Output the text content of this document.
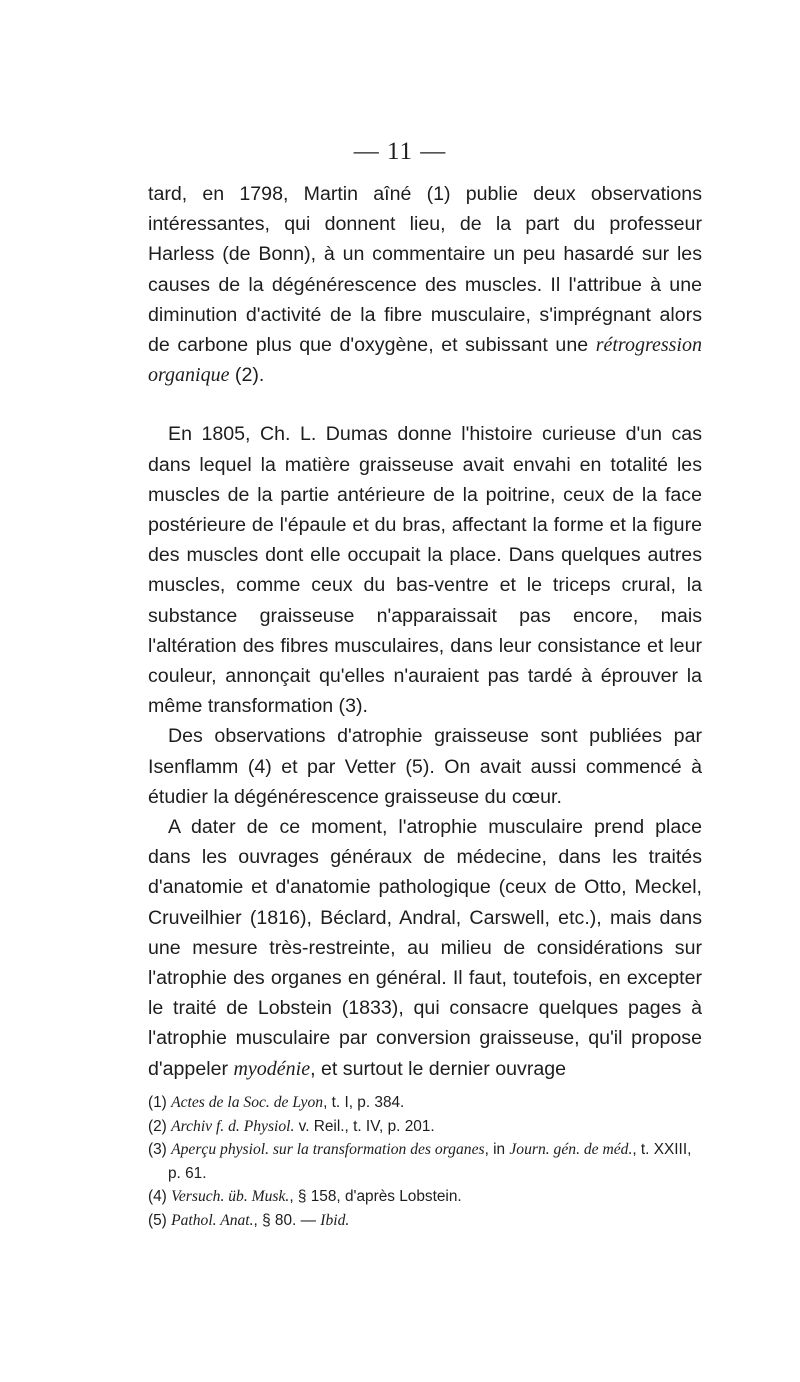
— 11 —

tard, en 1798, Martin aîné (1) publie deux observations intéressantes, qui donnent lieu, de la part du professeur Harless (de Bonn), à un commentaire un peu hasardé sur les causes de la dégénérescence des muscles. Il l'attribue à une diminution d'activité de la fibre musculaire, s'imprégnant alors de carbone plus que d'oxygène, et subissant une rétrogression organique (2).

En 1805, Ch. L. Dumas donne l'histoire curieuse d'un cas dans lequel la matière graisseuse avait envahi en totalité les muscles de la partie antérieure de la poitrine, ceux de la face postérieure de l'épaule et du bras, affectant la forme et la figure des muscles dont elle occupait la place. Dans quelques autres muscles, comme ceux du bas-ventre et le triceps crural, la substance graisseuse n'apparaissait pas encore, mais l'altération des fibres musculaires, dans leur consistance et leur couleur, annonçait qu'elles n'auraient pas tardé à éprouver la même transformation (3).

Des observations d'atrophie graisseuse sont publiées par Isenflamm (4) et par Vetter (5). On avait aussi commencé à étudier la dégénérescence graisseuse du cœur.

A dater de ce moment, l'atrophie musculaire prend place dans les ouvrages généraux de médecine, dans les traités d'anatomie et d'anatomie pathologique (ceux de Otto, Meckel, Cruveilhier (1816), Béclard, Andral, Carswell, etc.), mais dans une mesure très-restreinte, au milieu de considérations sur l'atrophie des organes en général. Il faut, toutefois, en excepter le traité de Lobstein (1833), qui consacre quelques pages à l'atrophie musculaire par conversion graisseuse, qu'il propose d'appeler myodénie, et surtout le dernier ouvrage

(1) Actes de la Soc. de Lyon, t. I, p. 384.

(2) Archiv f. d. Physiol. v. Reil., t. IV, p. 201.

(3) Aperçu physiol. sur la transformation des organes, in Journ. gén. de méd., t. XXIII, p. 61.

(4) Versuch. üb. Musk., § 158, d'après Lobstein.

(5) Pathol. Anat., § 80. — Ibid.
